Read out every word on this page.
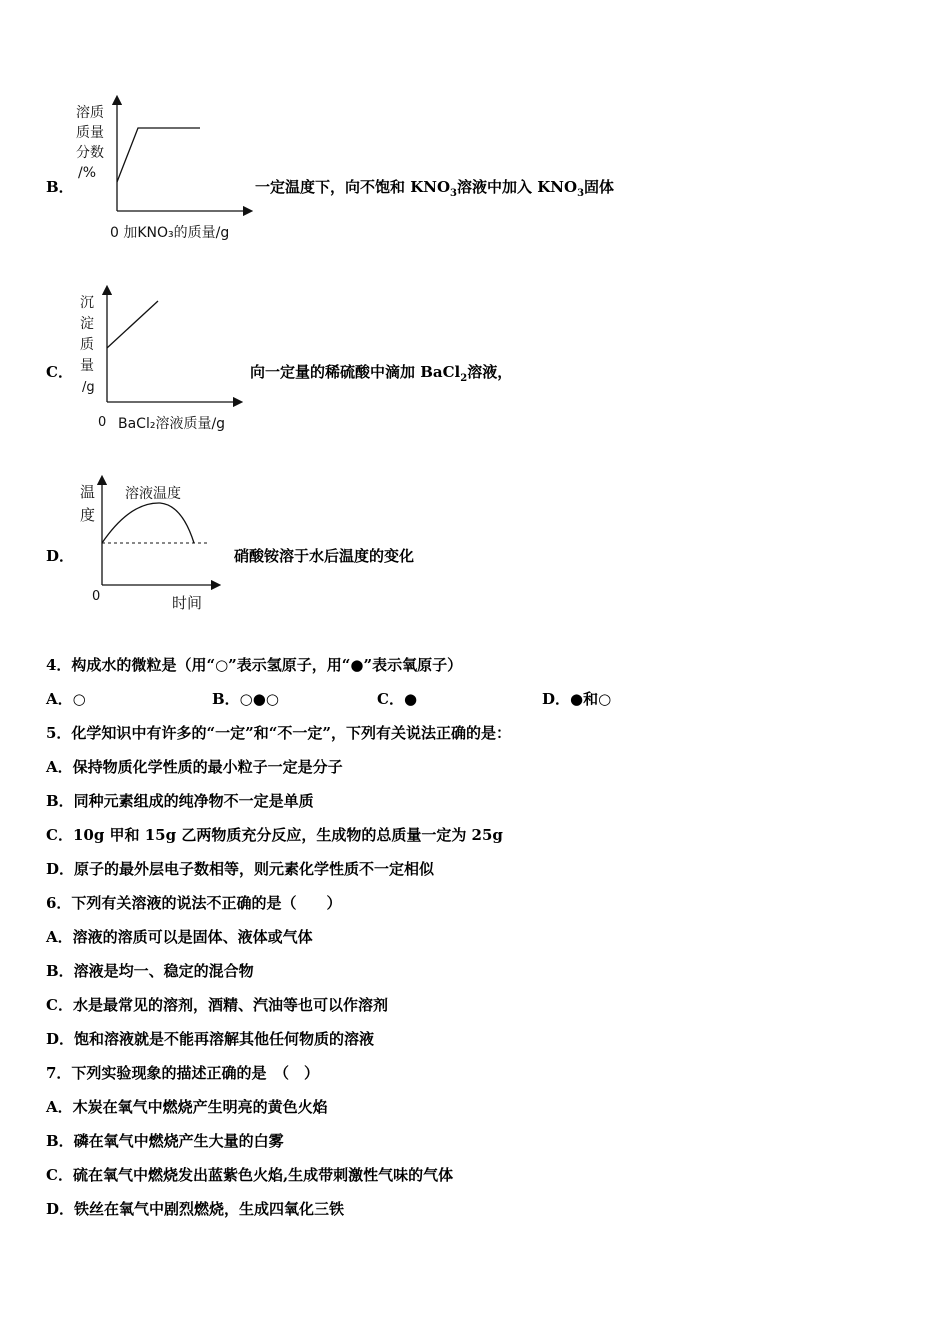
B．
溶质
质量
分数
/%
0 加KNO₃的质量/g
一定温度下，向不饱和 $KNO_3$溶液中加入 $KNO_3$固体
C．
沉
淀
质
量
/g
0 BaCl₂溶液质量/g
向一定量的稀硫酸中滴加 BaCl$_2$溶液，
D．
温
度
溶液温度
0	时间
硝酸铵溶于水后温度的变化
4．构成水的微粒是（用“○”表示氢原子，用“●”表示氧原子）
A．○	B．○●○	C．●	D．●和○
5．化学知识中有许多的“一定”和“不一定”，下列有关说法正确的是：
A．保持物质化学性质的最小粒子一定是分子
B．同种元素组成的纯净物不一定是单质
C．10g 甲和 15g 乙两物质充分反应，生成物的总质量一定为 25g
D．原子的最外层电子数相等，则元素化学性质不一定相似
6．下列有关溶液的说法不正确的是（　　）
A．溶液的溶质可以是固体、液体或气体
B．溶液是均一、稳定的混合物
C．水是最常见的溶剂，酒精、汽油等也可以作溶剂
D．饱和溶液就是不能再溶解其他任何物质的溶液
7．下列实验现象的描述正确的是　（　）
A．木炭在氧气中燃烧产生明亮的黄色火焰
B．磷在氧气中燃烧产生大量的白雾
C．硫在氧气中燃烧发出蓝紫色火焰,生成带刺激性气味的气体
D．铁丝在氧气中剧烈燃烧，生成四氧化三铁
